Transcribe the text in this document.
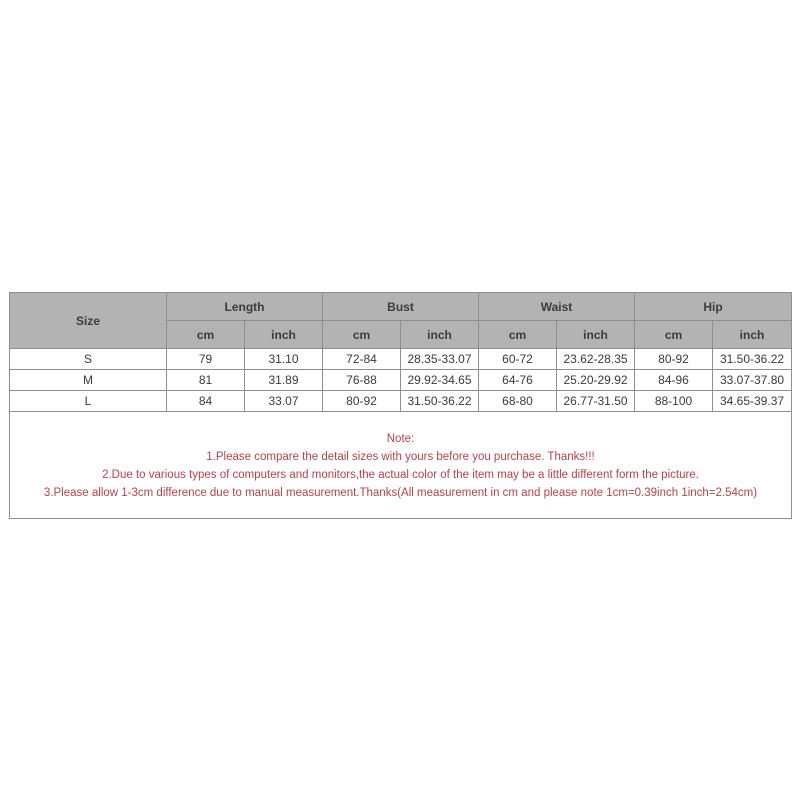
Size	Length		Bust		Waist		Hip	
	cm	inch	cm	inch	cm	inch	cm	inch
S	79	31.10	72-84	28.35-33.07	60-72	23.62-28.35	80-92	31.50-36.22
M	81	31.89	76-88	29.92-34.65	64-76	25.20-29.92	84-96	33.07-37.80
L	84	33.07	80-92	31.50-36.22	68-80	26.77-31.50	88-100	34.65-39.37

Note:
1.Please compare the detail sizes with yours before you purchase. Thanks!!!
2.Due to various types of computers and monitors,the actual color of the item may be a little different form the picture.
3.Please allow 1-3cm difference due to manual measurement.Thanks(All measurement in cm and please note 1cm=0.39inch 1inch=2.54cm)								
